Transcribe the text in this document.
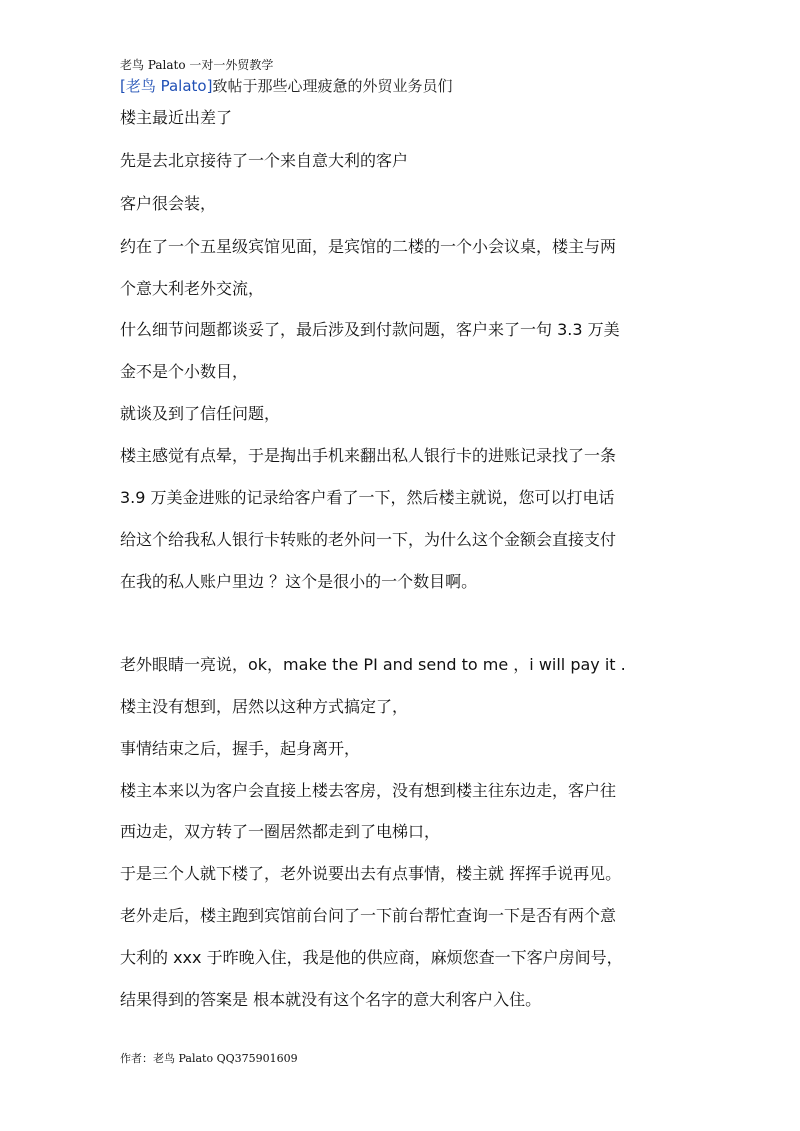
老鸟 Palato 一对一外贸教学
[老鸟 Palato]致帖于那些心理疲惫的外贸业务员们
楼主最近出差了
先是去北京接待了一个来自意大利的客户
客户很会装，
约在了一个五星级宾馆见面，是宾馆的二楼的一个小会议桌，楼主与两
个意大利老外交流，
什么细节问题都谈妥了，最后涉及到付款问题，客户来了一句 3.3 万美
金不是个小数目，
就谈及到了信任问题，
楼主感觉有点晕，于是掏出手机来翻出私人银行卡的进账记录找了一条
3.9 万美金进账的记录给客户看了一下，然后楼主就说，您可以打电话
给这个给我私人银行卡转账的老外问一下，为什么这个金额会直接支付
在我的私人账户里边 ？这个是很小的一个数目啊。
老外眼睛一亮说，ok，make the PI and send to me ，i will pay it .
楼主没有想到，居然以这种方式搞定了，
事情结束之后，握手，起身离开，
楼主本来以为客户会直接上楼去客房，没有想到楼主往东边走，客户往
西边走，双方转了一圈居然都走到了电梯口，
于是三个人就下楼了，老外说要出去有点事情，楼主就 挥挥手说再见。
老外走后，楼主跑到宾馆前台问了一下前台帮忙查询一下是否有两个意
大利的 xxx 于昨晚入住，我是他的供应商，麻烦您查一下客户房间号，
结果得到的答案是 根本就没有这个名字的意大利客户入住。
作者：老鸟 Palato QQ375901609
